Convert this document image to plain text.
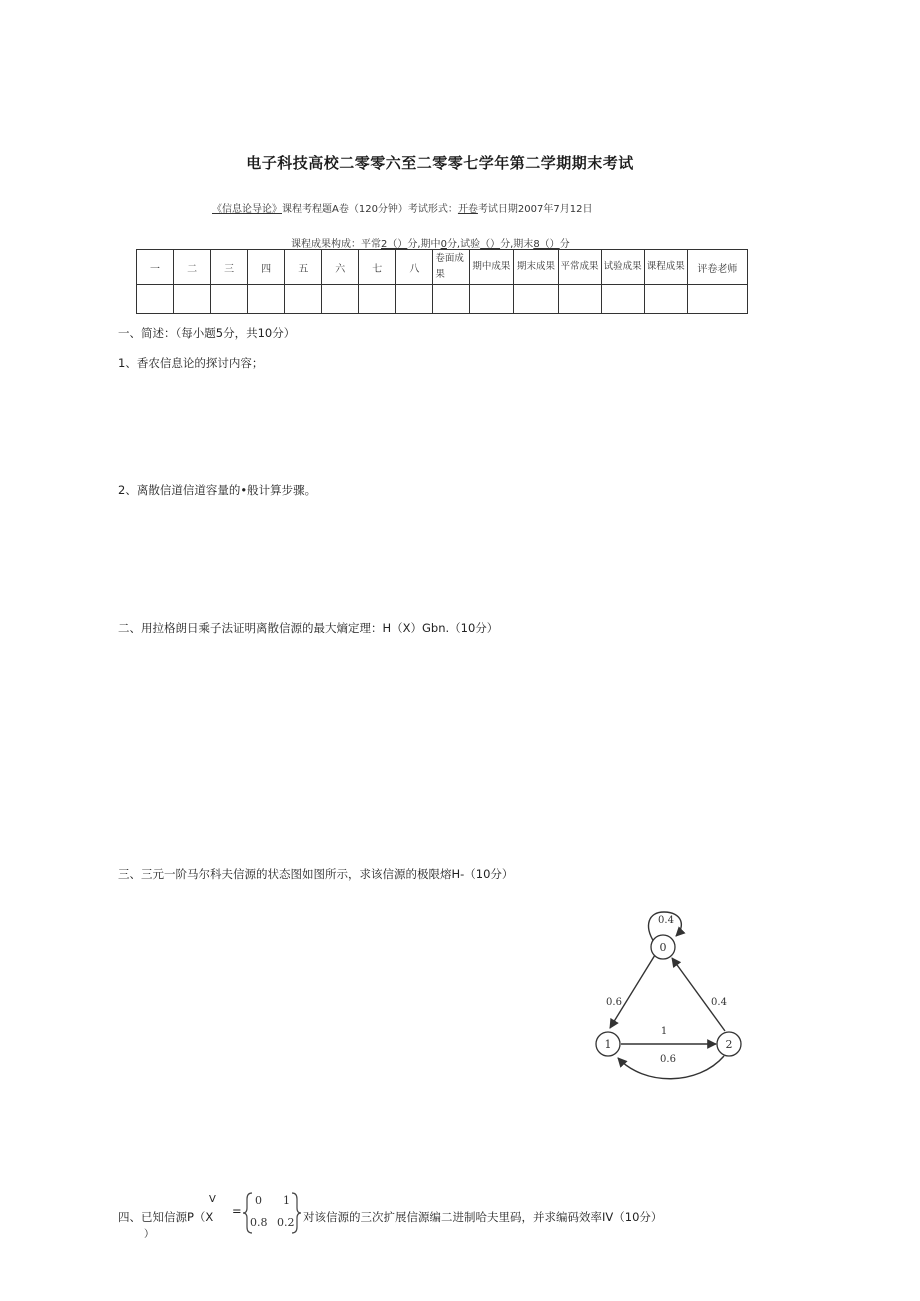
电子科技高校二零零六至二零零七学年第二学期期末考试
《信息论导论》课程考程题A卷（120分钟）考试形式：开卷考试日期2007年7月12日
课程成果构成：平常2（）分,期中0分,试验（）分,期末8（）分
一	二	三	四	五	六	七	八	卷面成果	期中成果	期末成果	平常成果	试验成果	课程成果	评卷老师

一、简述：（每小题5分，共10分）
1、香农信息论的探讨内容；
2、离散信道信道容量的•般计算步骤。
二、用拉格朗日乘子法证明离散信源的最大熵定理：H（X）Gbn.（10分）
三、三元一阶马尔科夫信源的状态图如图所示，求该信源的极限熔H-（10分）
0
1	2
0.4
0.6	0.4
1
0.6
四、已知信源P（X
V
）
=
0 1
0.8 0.2 对该信源的三次扩展信源编二进制哈夫里码，并求编码效率IV（10分）
